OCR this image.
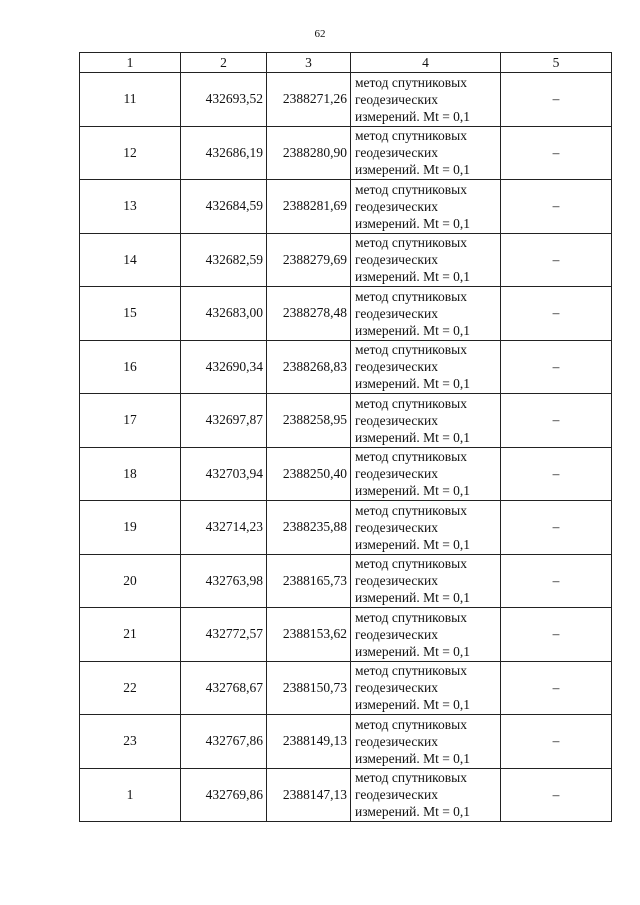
62
1	2	3	4	5
11	432693,52	2388271,26	метод спутниковых
геодезических
измерений. Mt = 0,1	–
12	432686,19	2388280,90	метод спутниковых
геодезических
измерений. Mt = 0,1	–
13	432684,59	2388281,69	метод спутниковых
геодезических
измерений. Mt = 0,1	–
14	432682,59	2388279,69	метод спутниковых
геодезических
измерений. Mt = 0,1	–
15	432683,00	2388278,48	метод спутниковых
геодезических
измерений. Mt = 0,1	–
16	432690,34	2388268,83	метод спутниковых
геодезических
измерений. Mt = 0,1	–
17	432697,87	2388258,95	метод спутниковых
геодезических
измерений. Mt = 0,1	–
18	432703,94	2388250,40	метод спутниковых
геодезических
измерений. Mt = 0,1	–
19	432714,23	2388235,88	метод спутниковых
геодезических
измерений. Mt = 0,1	–
20	432763,98	2388165,73	метод спутниковых
геодезических
измерений. Mt = 0,1	–
21	432772,57	2388153,62	метод спутниковых
геодезических
измерений. Mt = 0,1	–
22	432768,67	2388150,73	метод спутниковых
геодезических
измерений. Mt = 0,1	–
23	432767,86	2388149,13	метод спутниковых
геодезических
измерений. Mt = 0,1	–
1	432769,86	2388147,13	метод спутниковых
геодезических
измерений. Mt = 0,1	–
